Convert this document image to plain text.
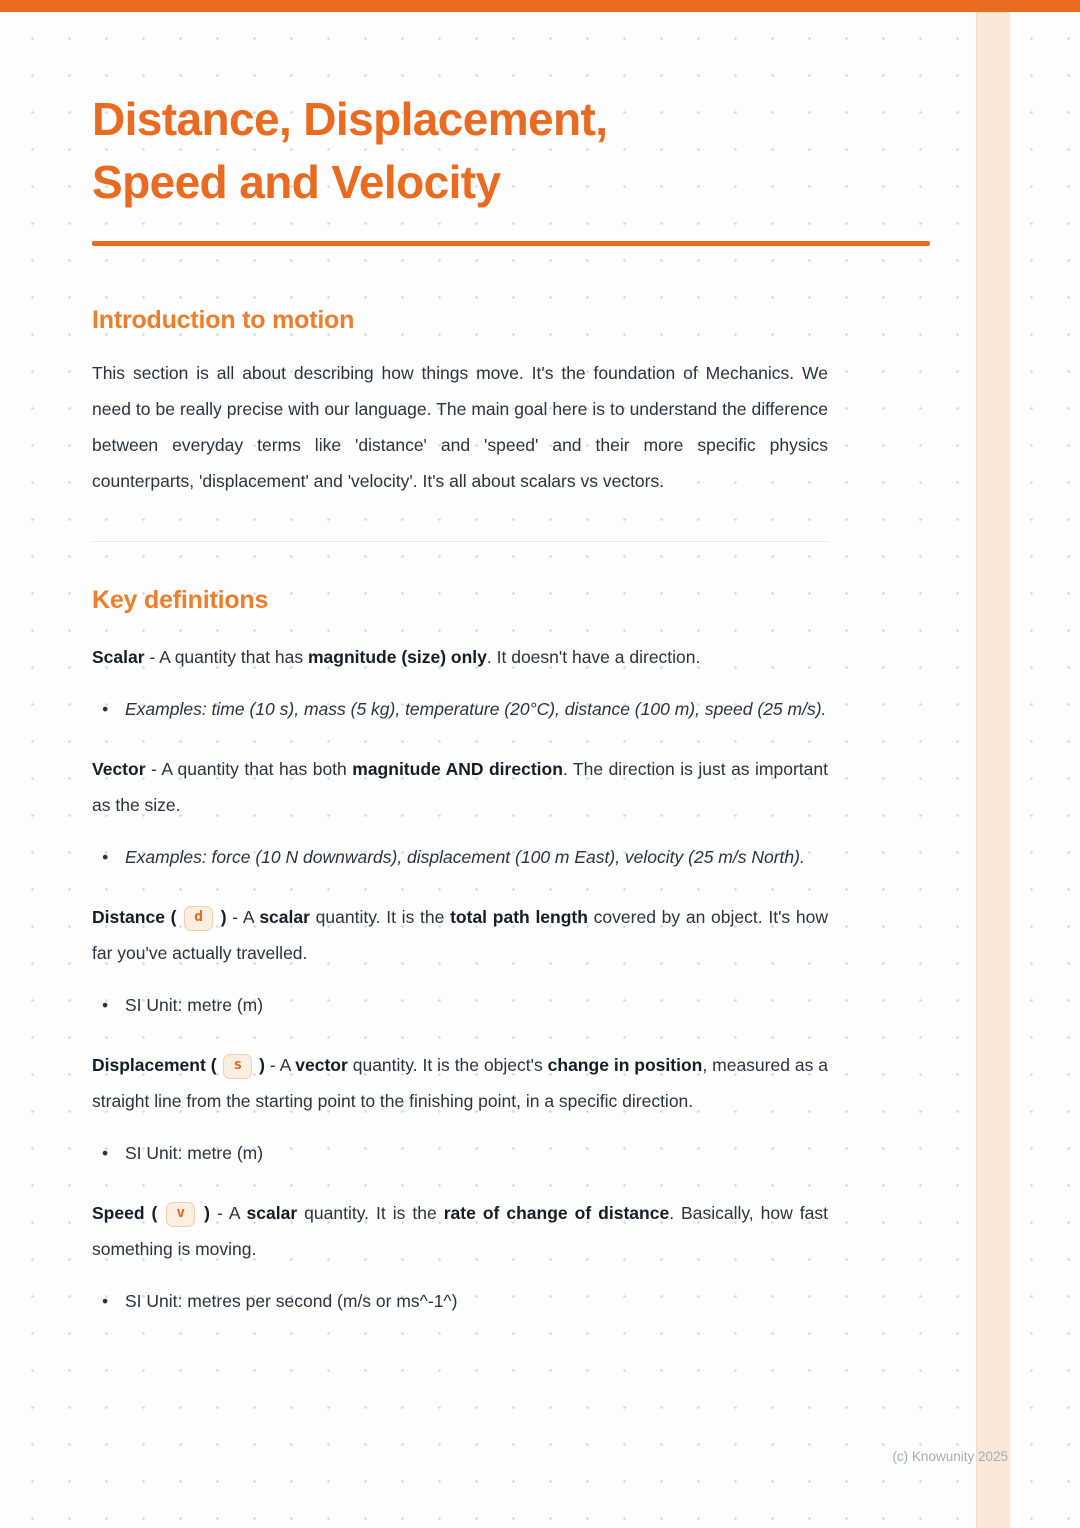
Distance, Displacement,
Speed and Velocity
Introduction to motion

This section is all about describing how things move. It's the foundation of Mechanics. We need to be really precise with our language. The main goal here is to understand the difference between everyday terms like 'distance' and 'speed' and their more specific physics counterparts, 'displacement' and 'velocity'. It's all about scalars vs vectors.

Key definitions

Scalar - A quantity that has magnitude (size) only. It doesn't have a direction.

• Examples: time (10 s), mass (5 kg), temperature (20°C), distance (100 m), speed (25 m/s).

Vector - A quantity that has both magnitude AND direction. The direction is just as important as the size.

• Examples: force (10 N downwards), displacement (100 m East), velocity (25 m/s North).

Distance ( d ) - A scalar quantity. It is the total path length covered by an object. It's how far you've actually travelled.

• SI Unit: metre (m)

Displacement ( s ) - A vector quantity. It is the object's change in position, measured as a straight line from the starting point to the finishing point, in a specific direction.

• SI Unit: metre (m)

Speed ( v ) - A scalar quantity. It is the rate of change of distance. Basically, how fast something is moving.

• SI Unit: metres per second (m/s or ms^-1^)
(c) Knowunity 2025
